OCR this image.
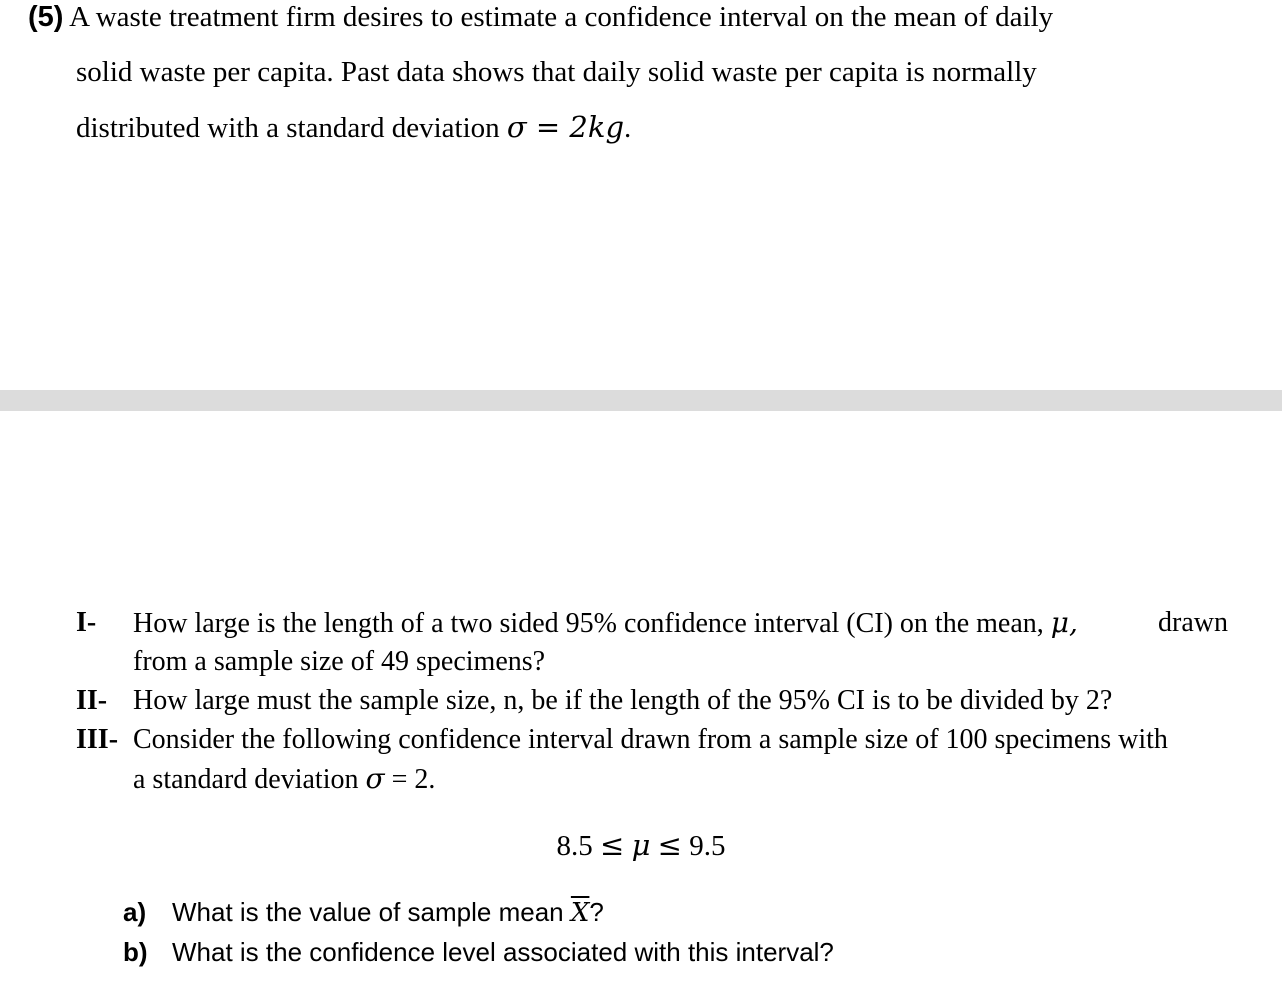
(5) A waste treatment firm desires to estimate a confidence interval on the mean of daily
solid waste per capita. Past data shows that daily solid waste per capita is normally
distributed with a standard deviation σ = 2kg.
I- How large is the length of a two sided 95% confidence interval (CI) on the mean, μ,	drawn
from a sample size of 49 specimens?
II- How large must the sample size, n, be if the length of the 95% CI is to be divided by 2?
III- Consider the following confidence interval drawn from a sample size of 100 specimens with
a standard deviation σ = 2.
8.5 ≤ μ ≤ 9.5
a) What is the value of sample mean $\overline{X}$?
b) What is the confidence level associated with this interval?
